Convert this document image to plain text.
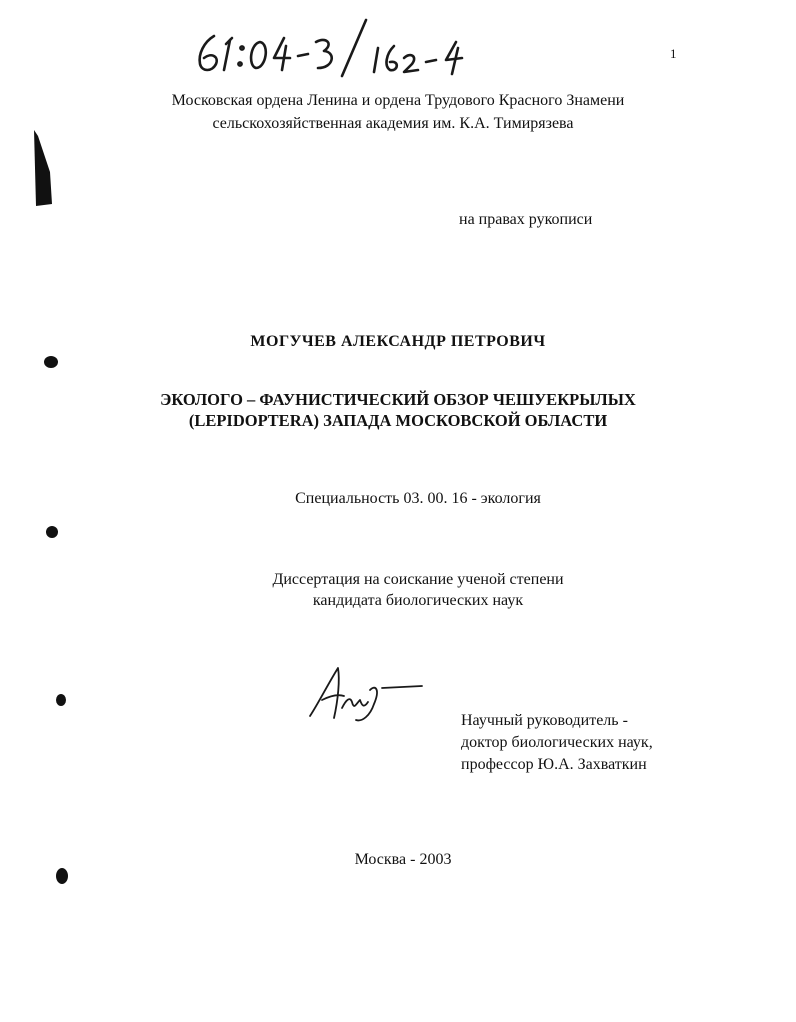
1
Московская ордена Ленина и ордена Трудового Красного Знамени
сельскохозяйственная академия им. К.А. Тимирязева
на правах рукописи
МОГУЧЕВ АЛЕКСАНДР ПЕТРОВИЧ
ЭКОЛОГО – ФАУНИСТИЧЕСКИЙ ОБЗОР ЧЕШУЕКРЫЛЫХ
(LEPIDOPTERA) ЗАПАДА МОСКОВСКОЙ ОБЛАСТИ
Специальность 03. 00. 16 - экология
Диссертация на соискание ученой степени
кандидата биологических наук
Научный руководитель -
доктор биологических наук,
профессор Ю.А. Захваткин
Москва - 2003
